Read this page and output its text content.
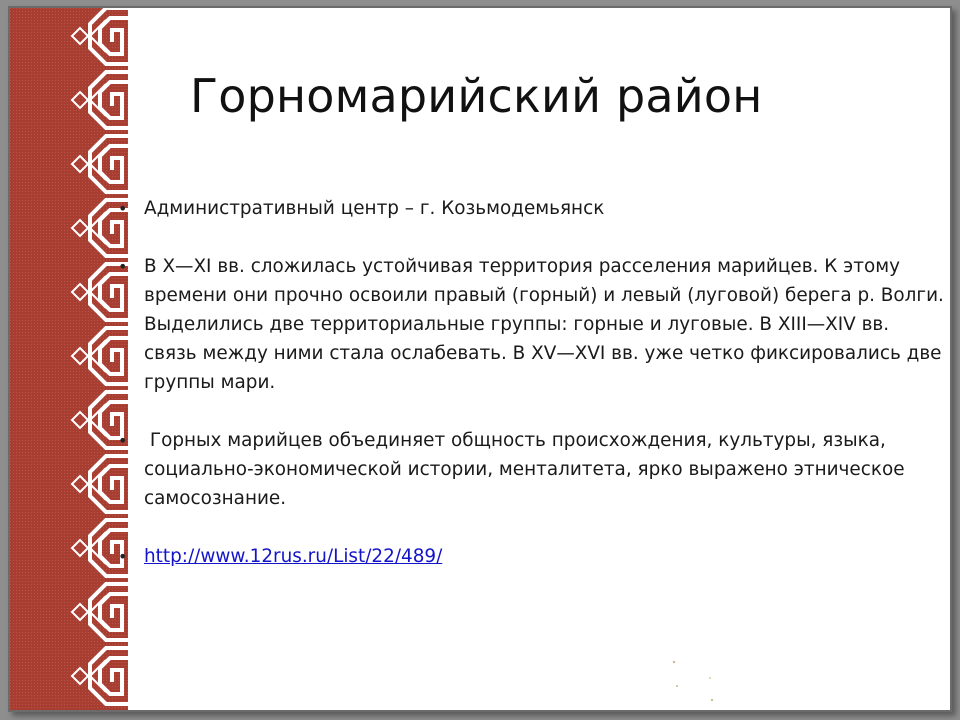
Горномарийский район
• Административный центр – г. Козьмодемьянск
• В X—XI вв. сложилась устойчивая территория расселения марийцев. К этому времени они прочно освоили правый (горный) и левый (луговой) берега р. Волги. Выделились две территориальные группы: горные и луговые. В XIII—XIV вв. связь между ними стала ослабевать. В XV—XVI вв. уже четко фиксировались две группы мари.
• Горных марийцев объединяет общность происхождения, культуры, языка, социально-экономической истории, менталитета, ярко выражено этническое самосознание.
• http://www.12rus.ru/List/22/489/
